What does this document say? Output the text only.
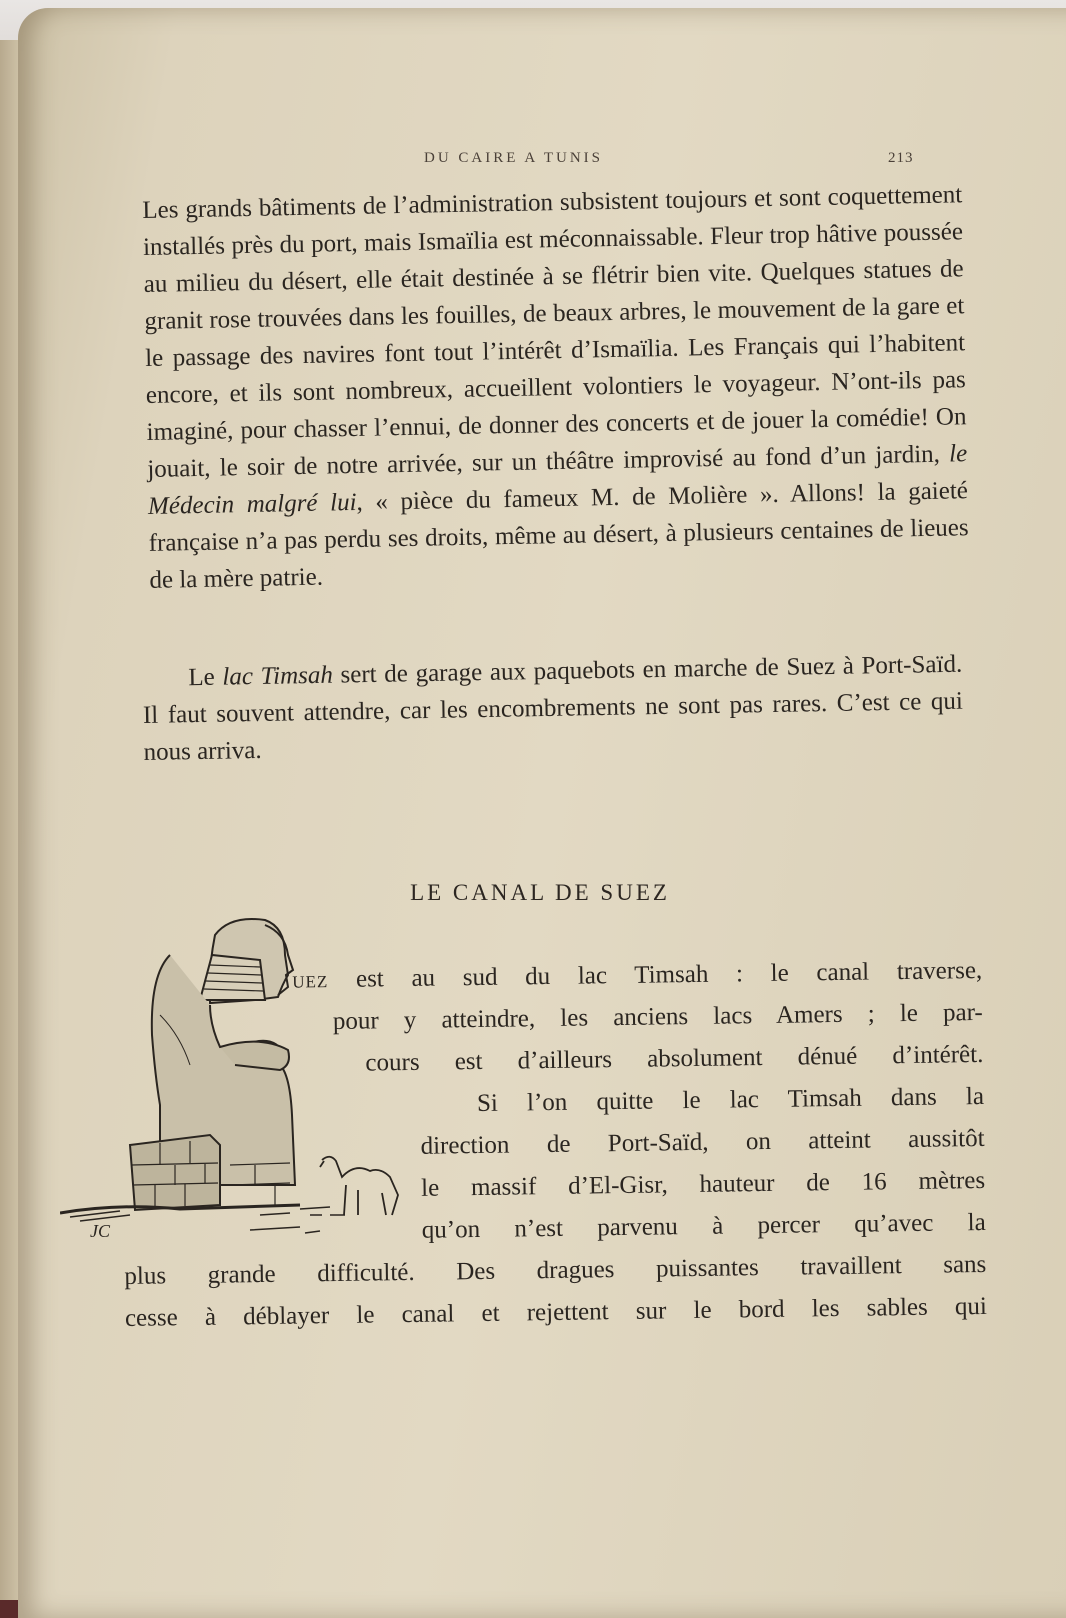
DU CAIRE A TUNIS	213

Les grands bâtiments de l’administration subsistent toujours et sont coquettement installés près du port, mais Ismaïlia est méconnaissable. Fleur trop hâtive poussée au milieu du désert, elle était destinée à se flétrir bien vite. Quelques statues de granit rose trouvées dans les fouilles, de beaux arbres, le mouvement de la gare et le passage des navires font tout l’intérêt d’Ismaïlia. Les Français qui l’habitent encore, et ils sont nombreux, accueillent volontiers le voyageur. N’ont-ils pas imaginé, pour chasser l’ennui, de donner des concerts et de jouer la comédie! On jouait, le soir de notre arrivée, sur un théâtre improvisé au fond d’un jardin, le Médecin malgré lui, « pièce du fameux M. de Molière ». Allons! la gaieté française n’a pas perdu ses droits, même au désert, à plusieurs centaines de lieues de la mère patrie.

Le lac Timsah sert de garage aux paquebots en marche de Suez à Port-Saïd. Il faut souvent attendre, car les encombrements ne sont pas rares. C’est ce qui nous arriva.

LE CANAL DE SUEZ
JC
UEZ est au sud du lac Timsah : le canal traverse,
pour y atteindre, les anciens lacs Amers ; le par-
cours est d’ailleurs absolument dénué d’intérêt.
Si l’on quitte le lac Timsah dans la
direction de Port-Saïd, on atteint aussitôt
le massif d’El-Gisr, hauteur de 16 mètres
qu’on n’est parvenu à percer qu’avec la
plus grande difficulté. Des dragues puissantes travaillent sans
cesse à déblayer le canal et rejettent sur le bord les sables qui
